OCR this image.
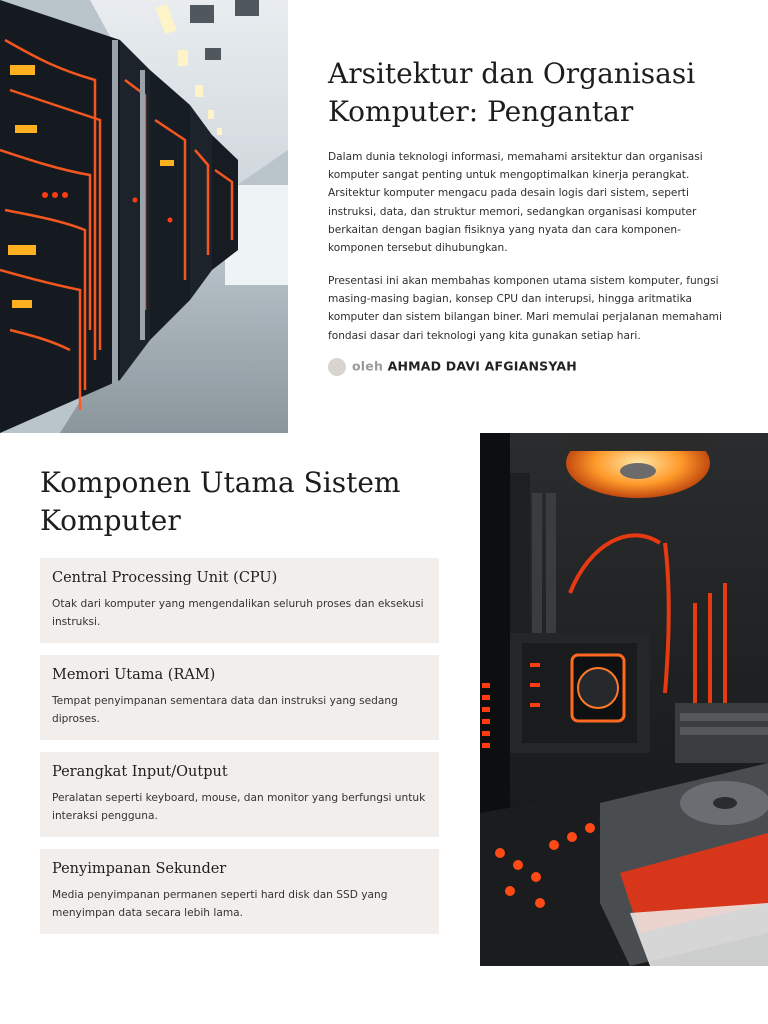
Arsitektur dan Organisasi Komputer: Pengantar

Dalam dunia teknologi informasi, memahami arsitektur dan organisasi komputer sangat penting untuk mengoptimalkan kinerja perangkat. Arsitektur komputer mengacu pada desain logis dari sistem, seperti instruksi, data, dan struktur memori, sedangkan organisasi komputer berkaitan dengan bagian fisiknya yang nyata dan cara komponen-komponen tersebut dihubungkan.

Presentasi ini akan membahas komponen utama sistem komputer, fungsi masing-masing bagian, konsep CPU dan interupsi, hingga aritmatika komputer dan sistem bilangan biner. Mari memulai perjalanan memahami fondasi dasar dari teknologi yang kita gunakan setiap hari.

oleh AHMAD DAVI AFGIANSYAH
Komponen Utama Sistem Komputer
Central Processing Unit (CPU)

Otak dari komputer yang mengendalikan seluruh proses dan eksekusi instruksi.

Memori Utama (RAM)

Tempat penyimpanan sementara data dan instruksi yang sedang diproses.

Perangkat Input/Output

Peralatan seperti keyboard, mouse, dan monitor yang berfungsi untuk interaksi pengguna.

Penyimpanan Sekunder

Media penyimpanan permanen seperti hard disk dan SSD yang menyimpan data secara lebih lama.
